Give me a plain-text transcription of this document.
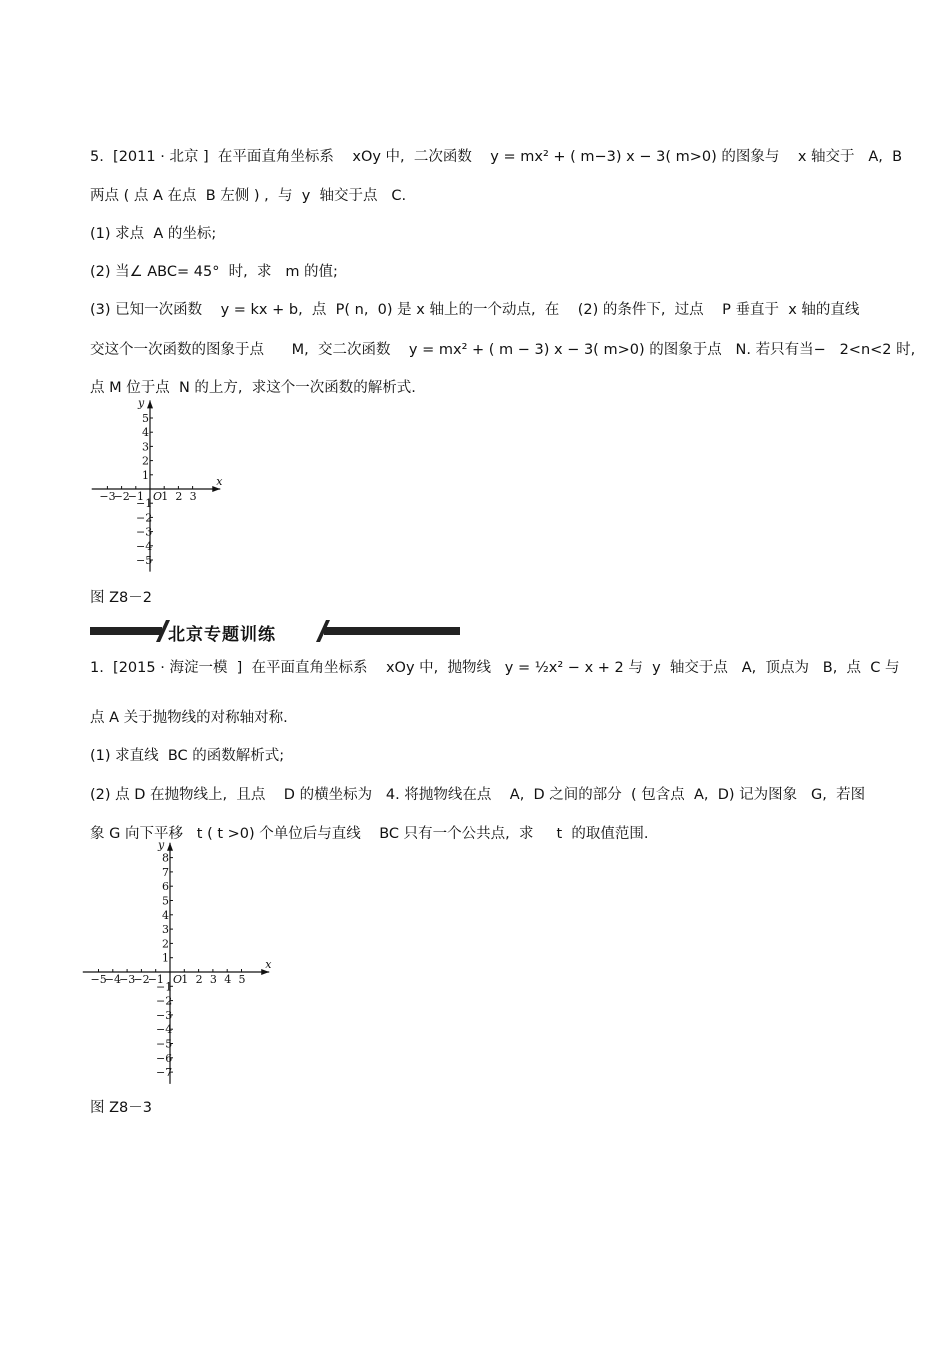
5.  [2011 · 北京 ]  在平面直角坐标系    xOy 中,  二次函数    y = mx² + ( m−3) x − 3( m>0) 的图象与    x 轴交于   A,  B
两点 ( 点 A 在点  B 左侧 ) ,  与  y  轴交于点   C.
(1) 求点  A 的坐标;
(2) 当∠ ABC= 45°  时,  求   m 的值;
(3) 已知一次函数    y = kx + b,  点  P( n,  0) 是 x 轴上的一个动点,  在    (2) 的条件下,  过点    P 垂直于  x 轴的直线
交这个一次函数的图象于点      M,  交二次函数    y = mx² + ( m − 3) x − 3( m>0) 的图象于点   N. 若只有当−   2<n<2 时,
点 M 位于点  N 的上方,  求这个一次函数的解析式.
x
y
O
−3
−2
−1 1 2 3
5
4
3
2
1
−1
−2
−3
−4
−5
图 Z8－2
北京专题训练
1.  [2015 · 海淀一模  ]  在平面直角坐标系    xOy 中,  抛物线   y = ½x² − x + 2 与  y  轴交于点   A,  顶点为   B,  点  C 与
点 A 关于抛物线的对称轴对称.
(1) 求直线  BC 的函数解析式;
(2) 点 D 在抛物线上,  且点    D 的横坐标为   4. 将抛物线在点    A,  D 之间的部分  ( 包含点  A,  D) 记为图象   G,  若图
象 G 向下平移   t ( t >0) 个单位后与直线    BC 只有一个公共点,  求     t  的取值范围.
x
y
O
−5
−4
−3
−2
−1 1 2 3 4 5
8
7
6
5
4
3
2
1
−1
−2
−3
−4
−5
−6
−7
图 Z8－3
